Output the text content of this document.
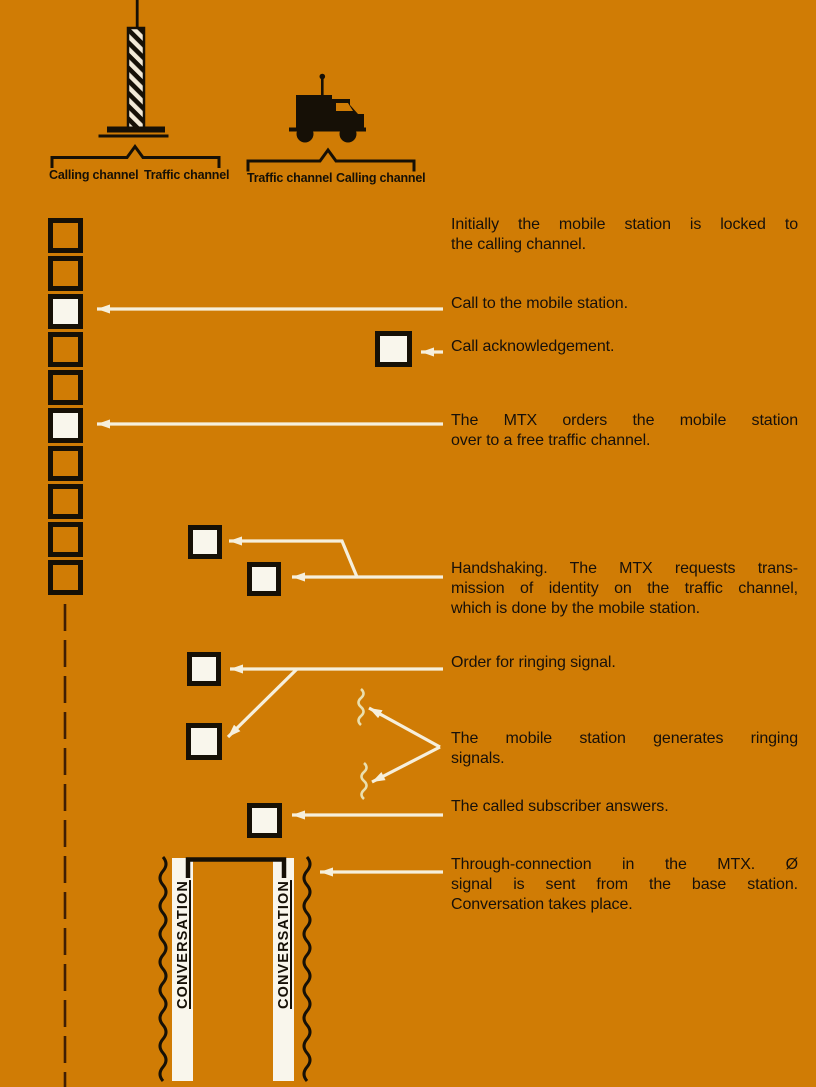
Calling channel Traffic channel Traffic channel Calling channel
Initially the mobile station is locked to
the calling channel.
Call to the mobile station.
Call acknowledgement.
The MTX orders the mobile station
over to a free traffic channel.
Handshaking. The MTX requests trans-
mission of identity on the traffic channel,
which is done by the mobile station.
Order for ringing signal.
The mobile station generates ringing
signals.
The called subscriber answers.
Through-connection in the MTX. Ø
signal is sent from the base station.
Conversation takes place.
CONVERSATION	CONVERSATION
